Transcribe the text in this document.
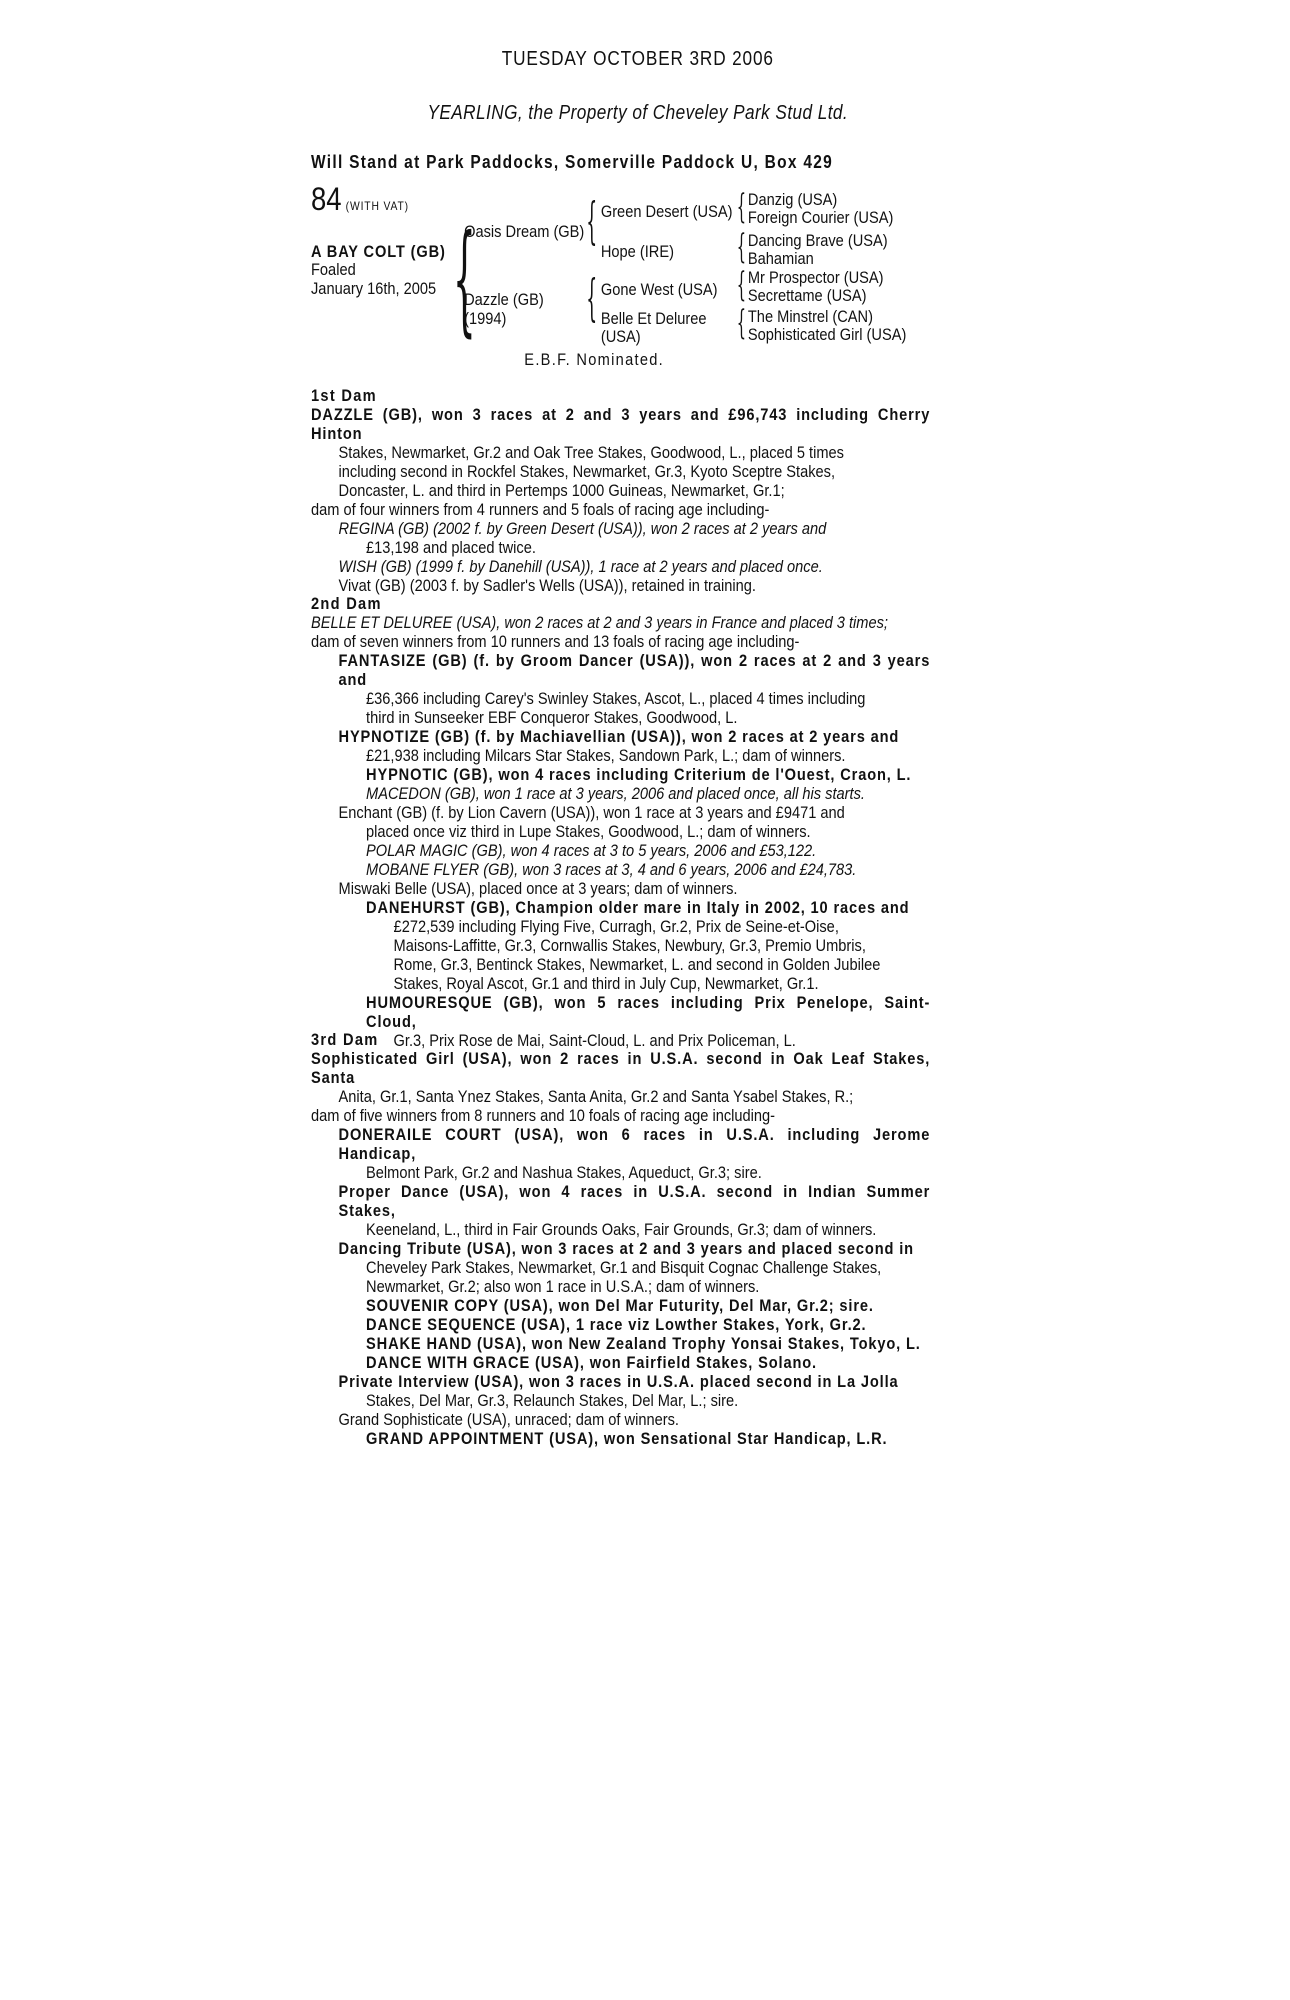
TUESDAY OCTOBER 3RD 2006
YEARLING, the Property of Cheveley Park Stud Ltd.
Will Stand at Park Paddocks, Somerville Paddock U, Box 429
84 (WITH VAT)
A BAY COLT (GB)
Foaled
January 16th, 2005 {
Oasis Dream (GB)
Dazzle (GB)
(1994)
{ Green Desert (USA)
Hope (IRE)
{ Gone West (USA)
Belle Et Deluree
(USA)
{ Danzig (USA)
Foreign Courier (USA)
{ Dancing Brave (USA)
Bahamian
{ Mr Prospector (USA)
Secrettame (USA)
{ The Minstrel (CAN)
Sophisticated Girl (USA)
E.B.F. Nominated.

1st Dam

DAZZLE (GB), won 3 races at 2 and 3 years and £96,743 including Cherry Hinton
Stakes, Newmarket, Gr.2 and Oak Tree Stakes, Goodwood, L., placed 5 times
including second in Rockfel Stakes, Newmarket, Gr.3, Kyoto Sceptre Stakes,
Doncaster, L. and third in Pertemps 1000 Guineas, Newmarket, Gr.1;
dam of four winners from 4 runners and 5 foals of racing age including-
REGINA (GB) (2002 f. by Green Desert (USA)), won 2 races at 2 years and
£13,198 and placed twice.
WISH (GB) (1999 f. by Danehill (USA)), 1 race at 2 years and placed once.
Vivat (GB) (2003 f. by Sadler's Wells (USA)), retained in training.

2nd Dam

BELLE ET DELUREE (USA), won 2 races at 2 and 3 years in France and placed 3 times;
dam of seven winners from 10 runners and 13 foals of racing age including-
FANTASIZE (GB) (f. by Groom Dancer (USA)), won 2 races at 2 and 3 years and
£36,366 including Carey's Swinley Stakes, Ascot, L., placed 4 times including
third in Sunseeker EBF Conqueror Stakes, Goodwood, L.
HYPNOTIZE (GB) (f. by Machiavellian (USA)), won 2 races at 2 years and
£21,938 including Milcars Star Stakes, Sandown Park, L.; dam of winners.
HYPNOTIC (GB), won 4 races including Criterium de l'Ouest, Craon, L.
MACEDON (GB), won 1 race at 3 years, 2006 and placed once, all his starts.
Enchant (GB) (f. by Lion Cavern (USA)), won 1 race at 3 years and £9471 and
placed once viz third in Lupe Stakes, Goodwood, L.; dam of winners.
POLAR MAGIC (GB), won 4 races at 3 to 5 years, 2006 and £53,122.
MOBANE FLYER (GB), won 3 races at 3, 4 and 6 years, 2006 and £24,783.
Miswaki Belle (USA), placed once at 3 years; dam of winners.
DANEHURST (GB), Champion older mare in Italy in 2002, 10 races and
£272,539 including Flying Five, Curragh, Gr.2, Prix de Seine-et-Oise,
Maisons-Laffitte, Gr.3, Cornwallis Stakes, Newbury, Gr.3, Premio Umbris,
Rome, Gr.3, Bentinck Stakes, Newmarket, L. and second in Golden Jubilee
Stakes, Royal Ascot, Gr.1 and third in July Cup, Newmarket, Gr.1.
HUMOURESQUE (GB), won 5 races including Prix Penelope, Saint-Cloud,
Gr.3, Prix Rose de Mai, Saint-Cloud, L. and Prix Policeman, L.

3rd Dam

Sophisticated Girl (USA), won 2 races in U.S.A. second in Oak Leaf Stakes, Santa
Anita, Gr.1, Santa Ynez Stakes, Santa Anita, Gr.2 and Santa Ysabel Stakes, R.;
dam of five winners from 8 runners and 10 foals of racing age including-
DONERAILE COURT (USA), won 6 races in U.S.A. including Jerome Handicap,
Belmont Park, Gr.2 and Nashua Stakes, Aqueduct, Gr.3; sire.
Proper Dance (USA), won 4 races in U.S.A. second in Indian Summer Stakes,
Keeneland, L., third in Fair Grounds Oaks, Fair Grounds, Gr.3; dam of winners.
Dancing Tribute (USA), won 3 races at 2 and 3 years and placed second in
Cheveley Park Stakes, Newmarket, Gr.1 and Bisquit Cognac Challenge Stakes,
Newmarket, Gr.2; also won 1 race in U.S.A.; dam of winners.
SOUVENIR COPY (USA), won Del Mar Futurity, Del Mar, Gr.2; sire.
DANCE SEQUENCE (USA), 1 race viz Lowther Stakes, York, Gr.2.
SHAKE HAND (USA), won New Zealand Trophy Yonsai Stakes, Tokyo, L.
DANCE WITH GRACE (USA), won Fairfield Stakes, Solano.
Private Interview (USA), won 3 races in U.S.A. placed second in La Jolla
Stakes, Del Mar, Gr.3, Relaunch Stakes, Del Mar, L.; sire.
Grand Sophisticate (USA), unraced; dam of winners.
GRAND APPOINTMENT (USA), won Sensational Star Handicap, L.R.
